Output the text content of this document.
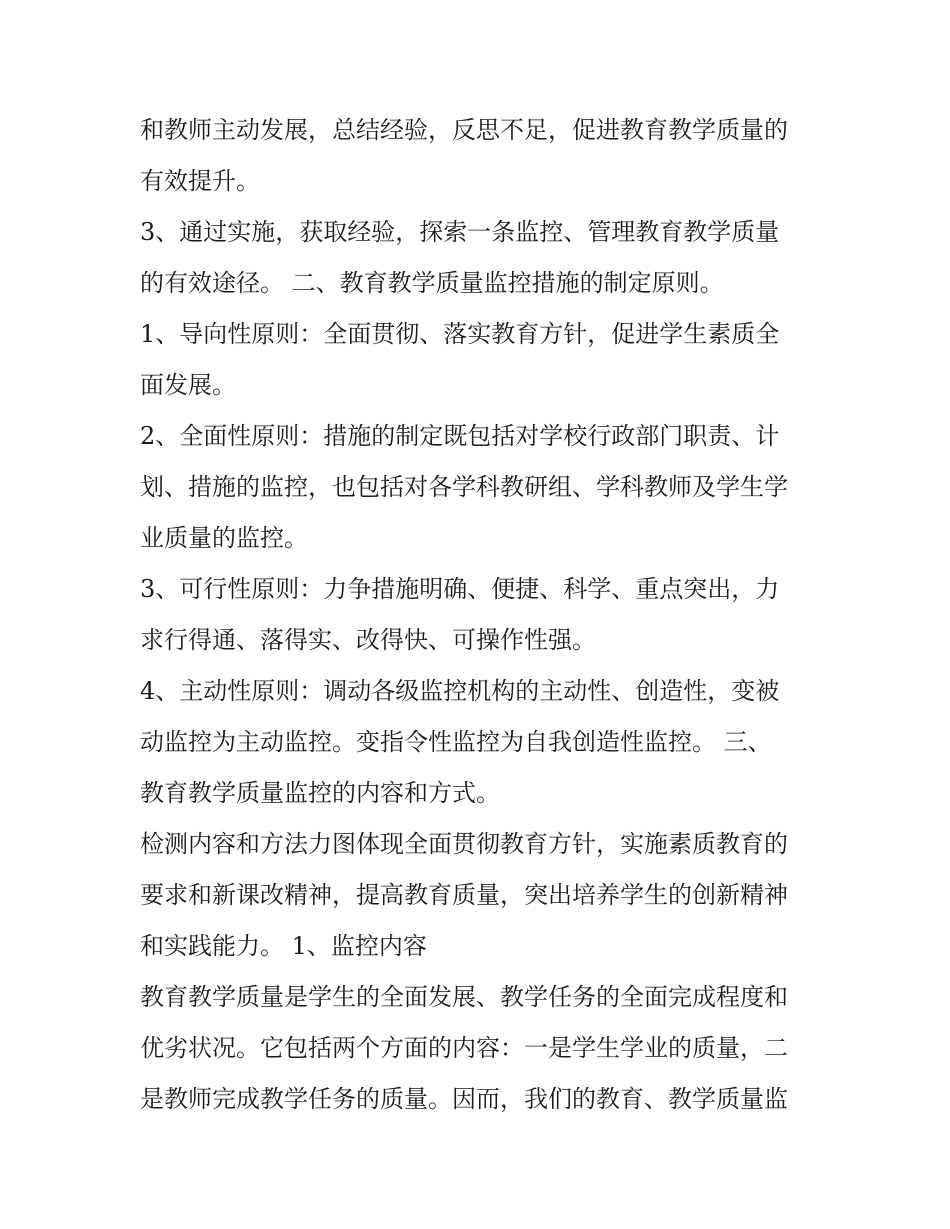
和教师主动发展，总结经验，反思不足，促进教育教学质量的
有效提升。
3、通过实施，获取经验，探索一条监控、管理教育教学质量
的有效途径。 二、教育教学质量监控措施的制定原则。
1、导向性原则：全面贯彻、落实教育方针，促进学生素质全
面发展。
2、全面性原则：措施的制定既包括对学校行政部门职责、计
划、措施的监控，也包括对各学科教研组、学科教师及学生学
业质量的监控。
3、可行性原则：力争措施明确、便捷、科学、重点突出，力
求行得通、落得实、改得快、可操作性强。
4、主动性原则：调动各级监控机构的主动性、创造性，变被
动监控为主动监控。变指令性监控为自我创造性监控。 三、
教育教学质量监控的内容和方式。
检测内容和方法力图体现全面贯彻教育方针，实施素质教育的
要求和新课改精神，提高教育质量，突出培养学生的创新精神
和实践能力。 1、监控内容
教育教学质量是学生的全面发展、教学任务的全面完成程度和
优劣状况。它包括两个方面的内容：一是学生学业的质量，二
是教师完成教学任务的质量。因而，我们的教育、教学质量监
